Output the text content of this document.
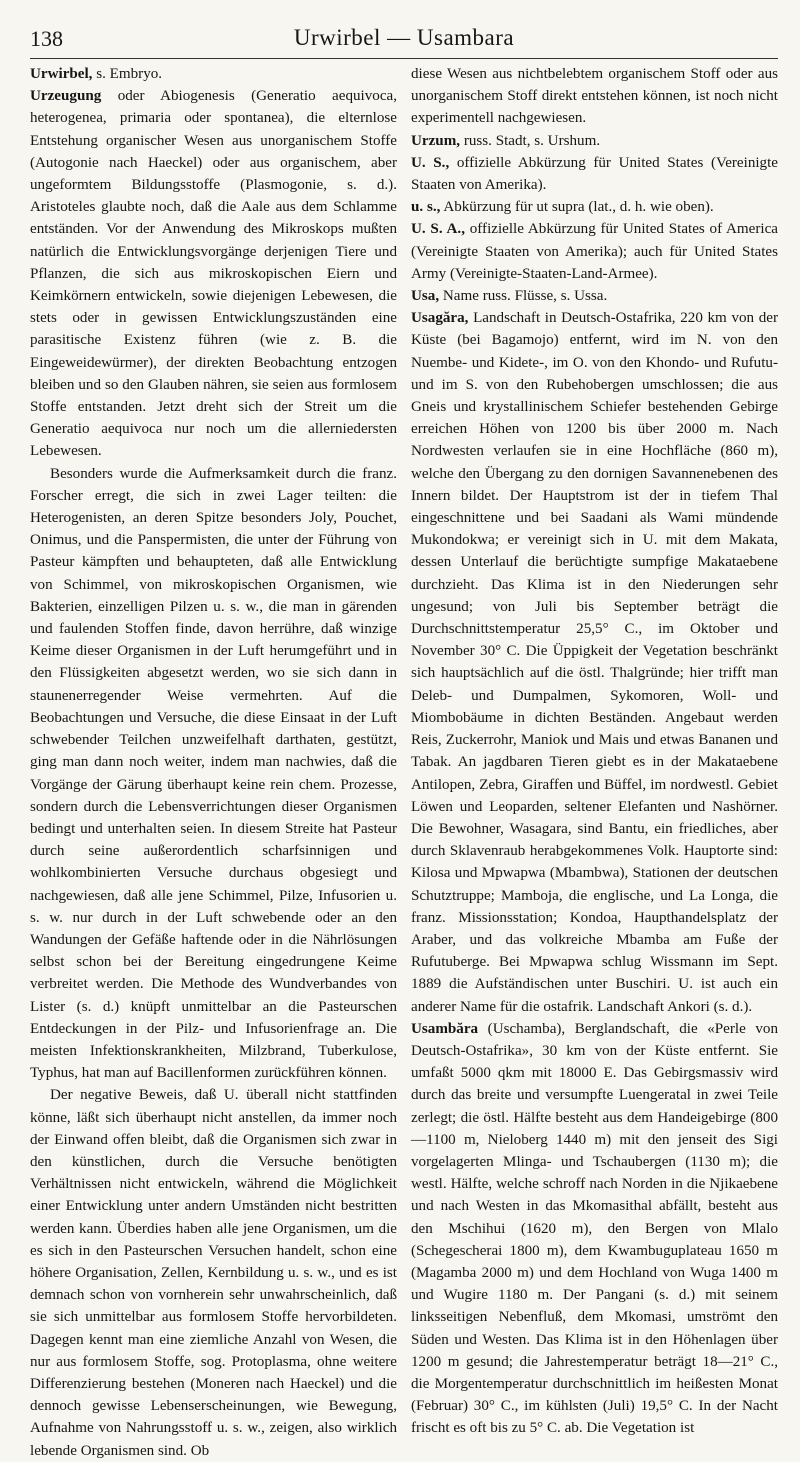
138	Urwirbel — Usambara

Urwirbel, s. Embryo.

Urzeugung oder Abiogenesis (Generatio aequivoca, heterogenea, primaria oder spontanea), die elternlose Entstehung organischer Wesen aus unorganischem Stoffe (Autogonie nach Haeckel) oder aus organischem, aber ungeformtem Bildungsstoffe (Plasmogonie, s. d.). Aristoteles glaubte noch, daß die Aale aus dem Schlamme entständen. Vor der Anwendung des Mikroskops mußten natürlich die Entwicklungsvorgänge derjenigen Tiere und Pflanzen, die sich aus mikroskopischen Eiern und Keimkörnern entwickeln, sowie diejenigen Lebewesen, die stets oder in gewissen Entwicklungszuständen eine parasitische Existenz führen (wie z. B. die Eingeweidewürmer), der direkten Beobachtung entzogen bleiben und so den Glauben nähren, sie seien aus formlosem Stoffe entstanden. Jetzt dreht sich der Streit um die Generatio aequivoca nur noch um die allerniedersten Lebewesen.

Besonders wurde die Aufmerksamkeit durch die franz. Forscher erregt, die sich in zwei Lager teilten: die Heterogenisten, an deren Spitze besonders Joly, Pouchet, Onimus, und die Panspermisten, die unter der Führung von Pasteur kämpften und behaupteten, daß alle Entwicklung von Schimmel, von mikroskopischen Organismen, wie Bakterien, einzelligen Pilzen u. s. w., die man in gärenden und faulenden Stoffen finde, davon herrühre, daß winzige Keime dieser Organismen in der Luft herumgeführt und in den Flüssigkeiten abgesetzt werden, wo sie sich dann in staunenerregender Weise vermehrten. Auf die Beobachtungen und Versuche, die diese Einsaat in der Luft schwebender Teilchen unzweifelhaft darthaten, gestützt, ging man dann noch weiter, indem man nachwies, daß die Vorgänge der Gärung überhaupt keine rein chem. Prozesse, sondern durch die Lebensverrichtungen dieser Organismen bedingt und unterhalten seien. In diesem Streite hat Pasteur durch seine außerordentlich scharfsinnigen und wohlkombinierten Versuche durchaus obgesiegt und nachgewiesen, daß alle jene Schimmel, Pilze, Infusorien u. s. w. nur durch in der Luft schwebende oder an den Wandungen der Gefäße haftende oder in die Nährlösungen selbst schon bei der Bereitung eingedrungene Keime verbreitet werden. Die Methode des Wundverbandes von Lister (s. d.) knüpft unmittelbar an die Pasteurschen Entdeckungen in der Pilz- und Infusorienfrage an. Die meisten Infektionskrankheiten, Milzbrand, Tuberkulose, Typhus, hat man auf Bacillenformen zurückführen können.

Der negative Beweis, daß U. überall nicht stattfinden könne, läßt sich überhaupt nicht anstellen, da immer noch der Einwand offen bleibt, daß die Organismen sich zwar in den künstlichen, durch die Versuche benötigten Verhältnissen nicht entwickeln, während die Möglichkeit einer Entwicklung unter andern Umständen nicht bestritten werden kann. Überdies haben alle jene Organismen, um die es sich in den Pasteurschen Versuchen handelt, schon eine höhere Organisation, Zellen, Kernbildung u. s. w., und es ist demnach schon von vornherein sehr unwahrscheinlich, daß sie sich unmittelbar aus formlosem Stoffe hervorbildeten. Dagegen kennt man eine ziemliche Anzahl von Wesen, die nur aus formlosem Stoffe, sog. Protoplasma, ohne weitere Differenzierung bestehen (Moneren nach Haeckel) und die dennoch gewisse Lebenserscheinungen, wie Bewegung, Aufnahme von Nahrungsstoff u. s. w., zeigen, also wirklich lebende Organismen sind. Ob

diese Wesen aus nichtbelebtem organischem Stoff oder aus unorganischem Stoff direkt entstehen können, ist noch nicht experimentell nachgewiesen.

Urzum, russ. Stadt, s. Urshum.

U. S., offizielle Abkürzung für United States (Vereinigte Staaten von Amerika).

u. s., Abkürzung für ut supra (lat., d. h. wie oben).

U. S. A., offizielle Abkürzung für United States of America (Vereinigte Staaten von Amerika); auch für United States Army (Vereinigte-Staaten-Land-Armee).

Usa, Name russ. Flüsse, s. Ussa.

Usagăra, Landschaft in Deutsch-Ostafrika, 220 km von der Küste (bei Bagamojo) entfernt, wird im N. von den Nuembe- und Kidete-, im O. von den Khondo- und Rufutu- und im S. von den Rubehobergen umschlossen; die aus Gneis und krystallinischem Schiefer bestehenden Gebirge erreichen Höhen von 1200 bis über 2000 m. Nach Nordwesten verlaufen sie in eine Hochfläche (860 m), welche den Übergang zu den dornigen Savannenebenen des Innern bildet. Der Hauptstrom ist der in tiefem Thal eingeschnittene und bei Saadani als Wami mündende Mukondokwa; er vereinigt sich in U. mit dem Makata, dessen Unterlauf die berüchtigte sumpfige Makataebene durchzieht. Das Klima ist in den Niederungen sehr ungesund; von Juli bis September beträgt die Durchschnittstemperatur 25,5° C., im Oktober und November 30° C. Die Üppigkeit der Vegetation beschränkt sich hauptsächlich auf die östl. Thalgründe; hier trifft man Deleb- und Dumpalmen, Sykomoren, Woll- und Miombobäume in dichten Beständen. Angebaut werden Reis, Zuckerrohr, Maniok und Mais und etwas Bananen und Tabak. An jagdbaren Tieren giebt es in der Makataebene Antilopen, Zebra, Giraffen und Büffel, im nordwestl. Gebiet Löwen und Leoparden, seltener Elefanten und Nashörner. Die Bewohner, Wasagara, sind Bantu, ein friedliches, aber durch Sklavenraub herabgekommenes Volk. Hauptorte sind: Kilosa und Mpwapwa (Mbambwa), Stationen der deutschen Schutztruppe; Mamboja, die englische, und La Longa, die franz. Missionsstation; Kondoa, Haupthandelsplatz der Araber, und das volkreiche Mbamba am Fuße der Rufutuberge. Bei Mpwapwa schlug Wissmann im Sept. 1889 die Aufständischen unter Buschiri. U. ist auch ein anderer Name für die ostafrik. Landschaft Ankori (s. d.).

Usambăra (Uschamba), Berglandschaft, die «Perle von Deutsch-Ostafrika», 30 km von der Küste entfernt. Sie umfaßt 5000 qkm mit 18000 E. Das Gebirgsmassiv wird durch das breite und versumpfte Luengeratal in zwei Teile zerlegt; die östl. Hälfte besteht aus dem Handeigebirge (800—1100 m, Nieloberg 1440 m) mit den jenseit des Sigi vorgelagerten Mlinga- und Tschaubergen (1130 m); die westl. Hälfte, welche schroff nach Norden in die Njikaebene und nach Westen in das Mkomasithal abfällt, besteht aus den Mschihui (1620 m), den Bergen von Mlalo (Schegescherai 1800 m), dem Kwambuguplateau 1650 m (Magamba 2000 m) und dem Hochland von Wuga 1400 m und Wugire 1180 m. Der Pangani (s. d.) mit seinem linksseitigen Nebenfluß, dem Mkomasi, umströmt den Süden und Westen. Das Klima ist in den Höhenlagen über 1200 m gesund; die Jahrestemperatur beträgt 18—21° C., die Morgentemperatur durchschnittlich im heißesten Monat (Februar) 30° C., im kühlsten (Juli) 19,5° C. In der Nacht frischt es oft bis zu 5° C. ab. Die Vegetation ist
